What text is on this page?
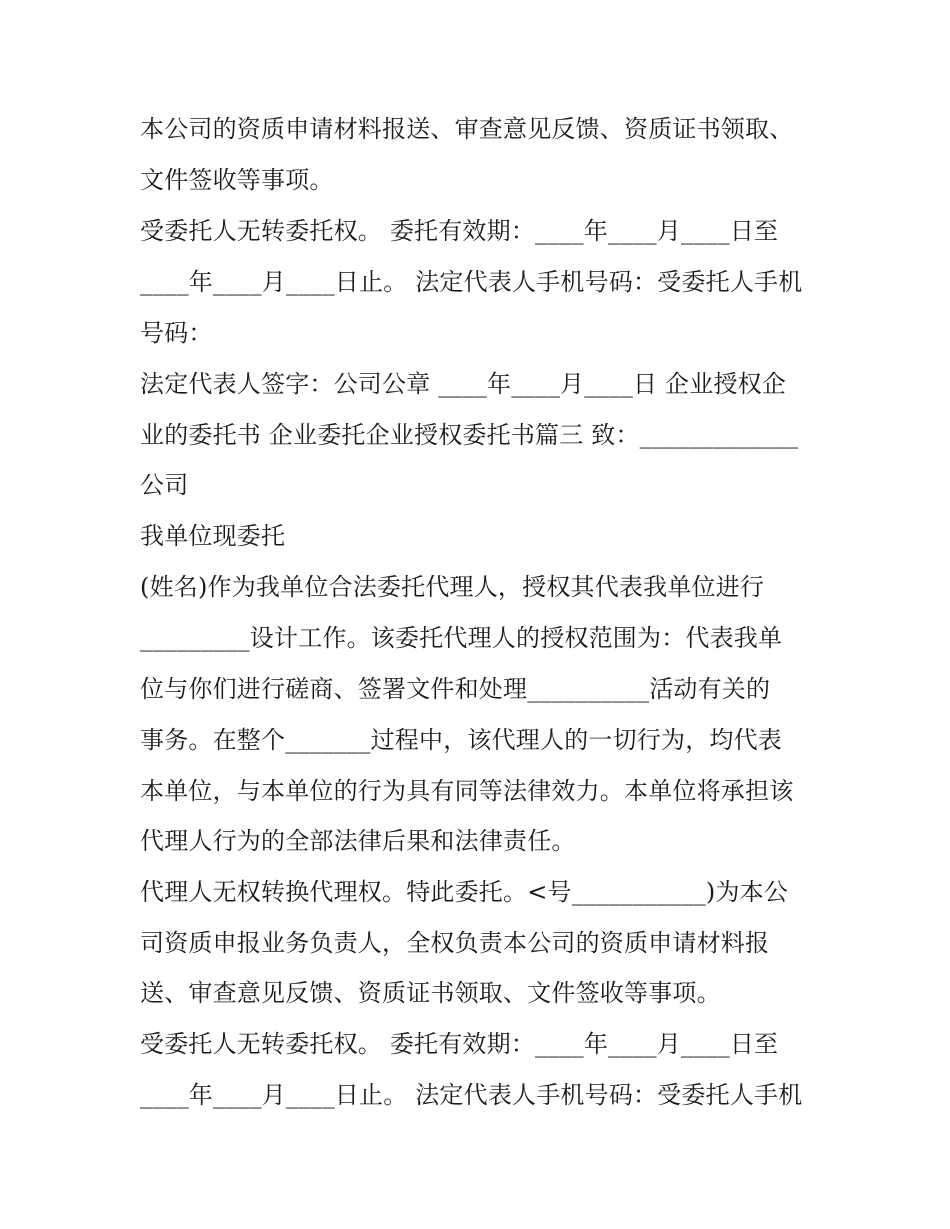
本公司的资质申请材料报送、审查意见反馈、资质证书领取、
文件签收等事项。
受委托人无转委托权。 委托有效期：____年____月____日至
____年____月____日止。 法定代表人手机号码：受委托人手机
号码：
法定代表人签字：公司公章 ____年____月____日 企业授权企
业的委托书 企业委托企业授权委托书篇三 致：_____________
公司
我单位现委托
(姓名)作为我单位合法委托代理人，授权其代表我单位进行
_________设计工作。该委托代理人的授权范围为：代表我单
位与你们进行磋商、签署文件和处理__________活动有关的
事务。在整个_______过程中，该代理人的一切行为，均代表
本单位，与本单位的行为具有同等法律效力。本单位将承担该
代理人行为的全部法律后果和法律责任。
代理人无权转换代理权。特此委托。<号___________)为本公
司资质申报业务负责人，全权负责本公司的资质申请材料报
送、审查意见反馈、资质证书领取、文件签收等事项。
受委托人无转委托权。 委托有效期：____年____月____日至
____年____月____日止。 法定代表人手机号码：受委托人手机
